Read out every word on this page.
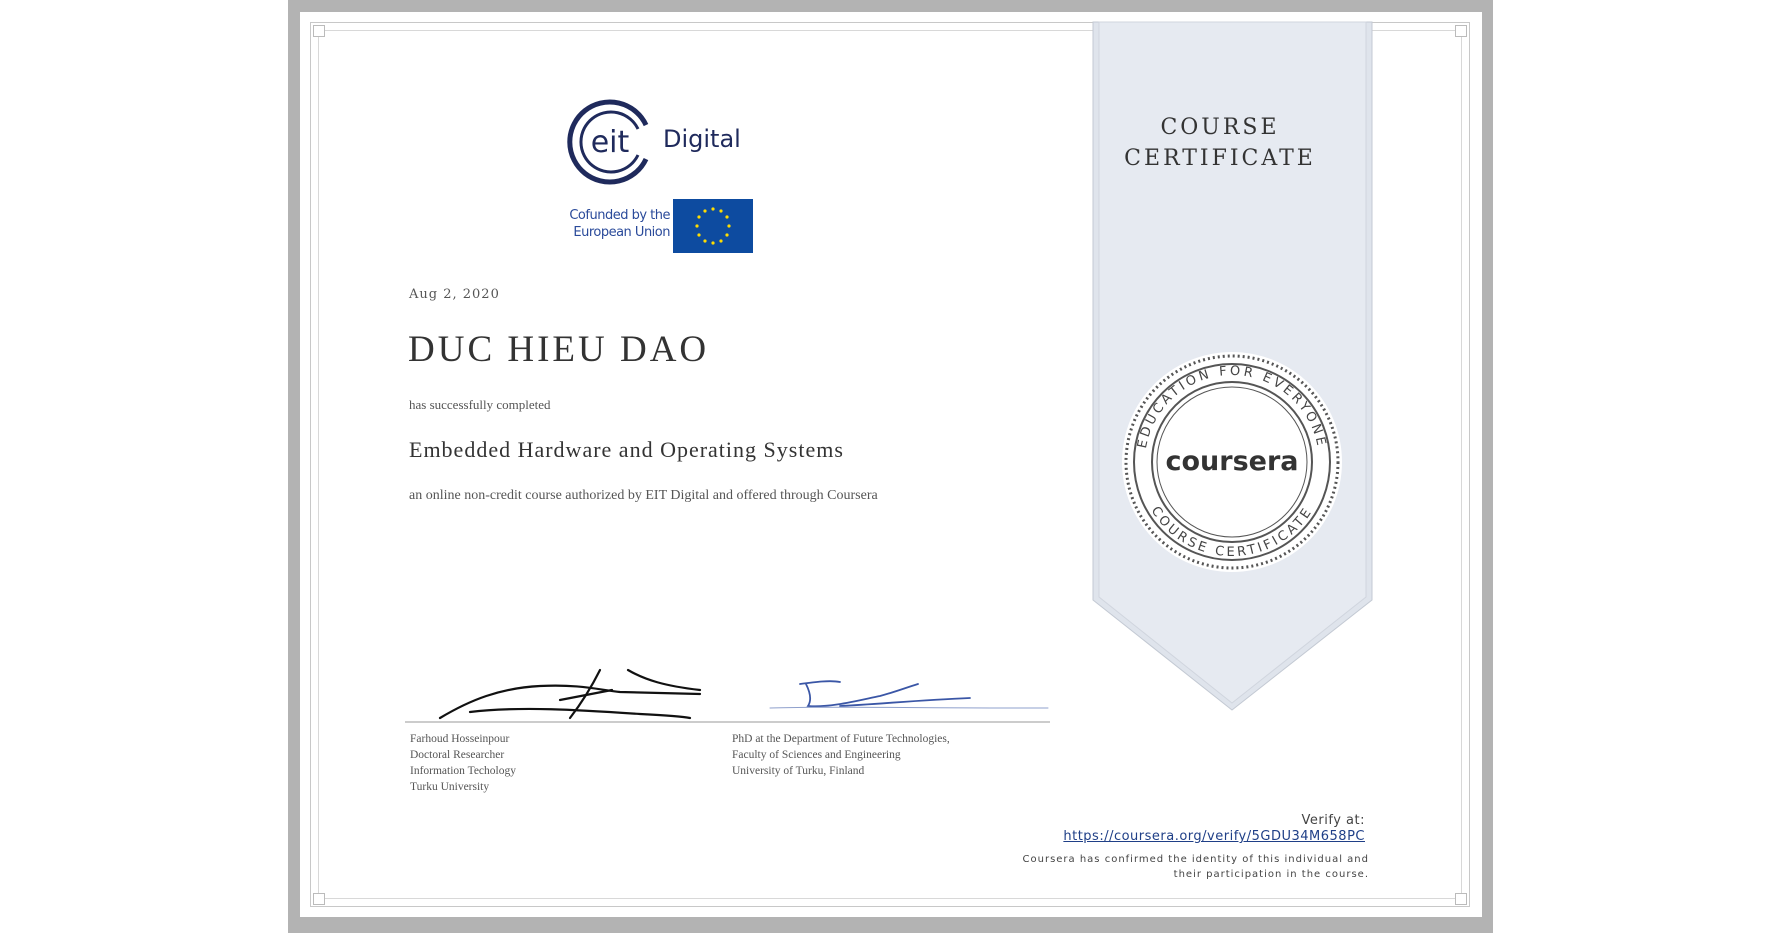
EDUCATION FOR EVERYONE
COURSE CERTIFICATE
coursera
COURSE
CERTIFICATE
eit Digital
Cofunded by the
European Union
Aug 2, 2020
DUC HIEU DAO
has successfully completed
Embedded Hardware and Operating Systems
an online non-credit course authorized by EIT Digital and offered through Coursera
Farhoud Hosseinpour
Doctoral Researcher
Information Techology
Turku University
PhD at the Department of Future Technologies,
Faculty of Sciences and Engineering
University of Turku, Finland
Verify at:
https://coursera.org/verify/5GDU34M658PC
Coursera has confirmed the identity of this individual and
their participation in the course.
